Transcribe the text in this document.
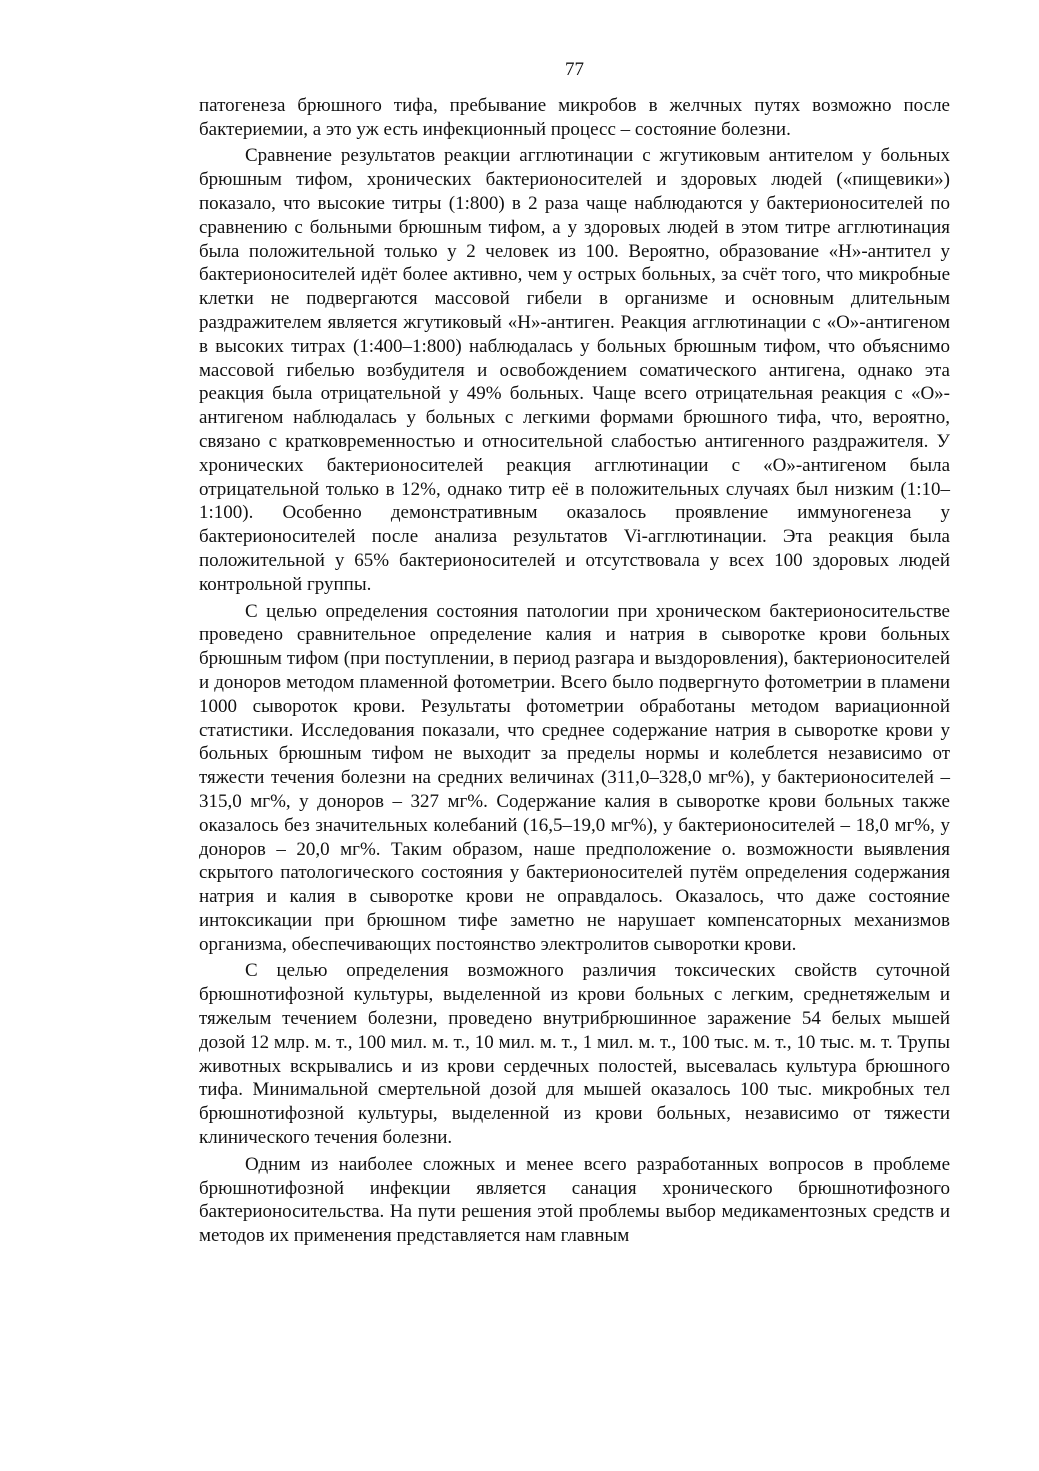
77

патогенеза брюшного тифа, пребывание микробов в желчных путях возможно после бактериемии, а это уж есть инфекционный процесс – состояние болезни.

Сравнение результатов реакции агглютинации с жгутиковым антителом у больных брюшным тифом, хронических бактерионосителей и здоровых людей («пищевики») показало, что высокие титры (1:800) в 2 раза чаще наблюдаются у бактерионосителей по сравнению с больными брюшным тифом, а у здоровых людей в этом титре агглютинация была положительной только у 2 человек из 100. Вероятно, образование «Н»-антител у бактерионосителей идёт более активно, чем у острых больных, за счёт того, что микробные клетки не подвергаются массовой гибели в организме и основным длительным раздражителем является жгутиковый «Н»-антиген. Реакция агглютинации с «О»-антигеном в высоких титрах (1:400–1:800) наблюдалась у больных брюшным тифом, что объяснимо массовой гибелью возбудителя и освобождением соматического антигена, однако эта реакция была отрицательной у 49% больных. Чаще всего отрицательная реакция с «О»-антигеном наблюдалась у больных с легкими формами брюшного тифа, что, вероятно, связано с кратковременностью и относительной слабостью антигенного раздражителя. У хронических бактерионосителей реакция агглютинации с «О»-антигеном была отрицательной только в 12%, однако титр её в положительных случаях был низким (1:10–1:100). Особенно демонстративным оказалось проявление иммуногенеза у бактерионосителей после анализа результатов Vi-агглютинации. Эта реакция была положительной у 65% бактерионосителей и отсутствовала у всех 100 здоровых людей контрольной группы.

С целью определения состояния патологии при хроническом бактерионосительстве проведено сравнительное определение калия и натрия в сыворотке крови больных брюшным тифом (при поступлении, в период разгара и выздоровления), бактерионосителей и доноров методом пламенной фотометрии. Всего было подвергнуто фотометрии в пламени 1000 сывороток крови. Результаты фотометрии обработаны методом вариационной статистики. Исследования показали, что среднее содержание натрия в сыворотке крови у больных брюшным тифом не выходит за пределы нормы и колеблется независимо от тяжести течения болезни на средних величинах (311,0–328,0 мг%), у бактерионосителей – 315,0 мг%, у доноров – 327 мг%. Содержание калия в сыворотке крови больных также оказалось без значительных колебаний (16,5–19,0 мг%), у бактерионосителей – 18,0 мг%, у доноров – 20,0 мг%. Таким образом, наше предположение о. возможности выявления скрытого патологического состояния у бактерионосителей путём определения содержания натрия и калия в сыворотке крови не оправдалось. Оказалось, что даже состояние интоксикации при брюшном тифе заметно не нарушает компенсаторных механизмов организма, обеспечивающих постоянство электролитов сыворотки крови.

С целью определения возможного различия токсических свойств суточной брюшнотифозной культуры, выделенной из крови больных с легким, среднетяжелым и тяжелым течением болезни, проведено внутрибрюшинное заражение 54 белых мышей дозой 12 млр. м. т., 100 мил. м. т., 10 мил. м. т., 1 мил. м. т., 100 тыс. м. т., 10 тыс. м. т. Трупы животных вскрывались и из крови сердечных полостей, высевалась культура брюшного тифа. Минимальной смертельной дозой для мышей оказалось 100 тыс. микробных тел брюшнотифозной культуры, выделенной из крови больных, независимо от тяжести клинического течения болезни.

Одним из наиболее сложных и менее всего разработанных вопросов в проблеме брюшнотифозной инфекции является санация хронического брюшнотифозного бактерионосительства. На пути решения этой проблемы выбор медикаментозных средств и методов их применения представляется нам главным
